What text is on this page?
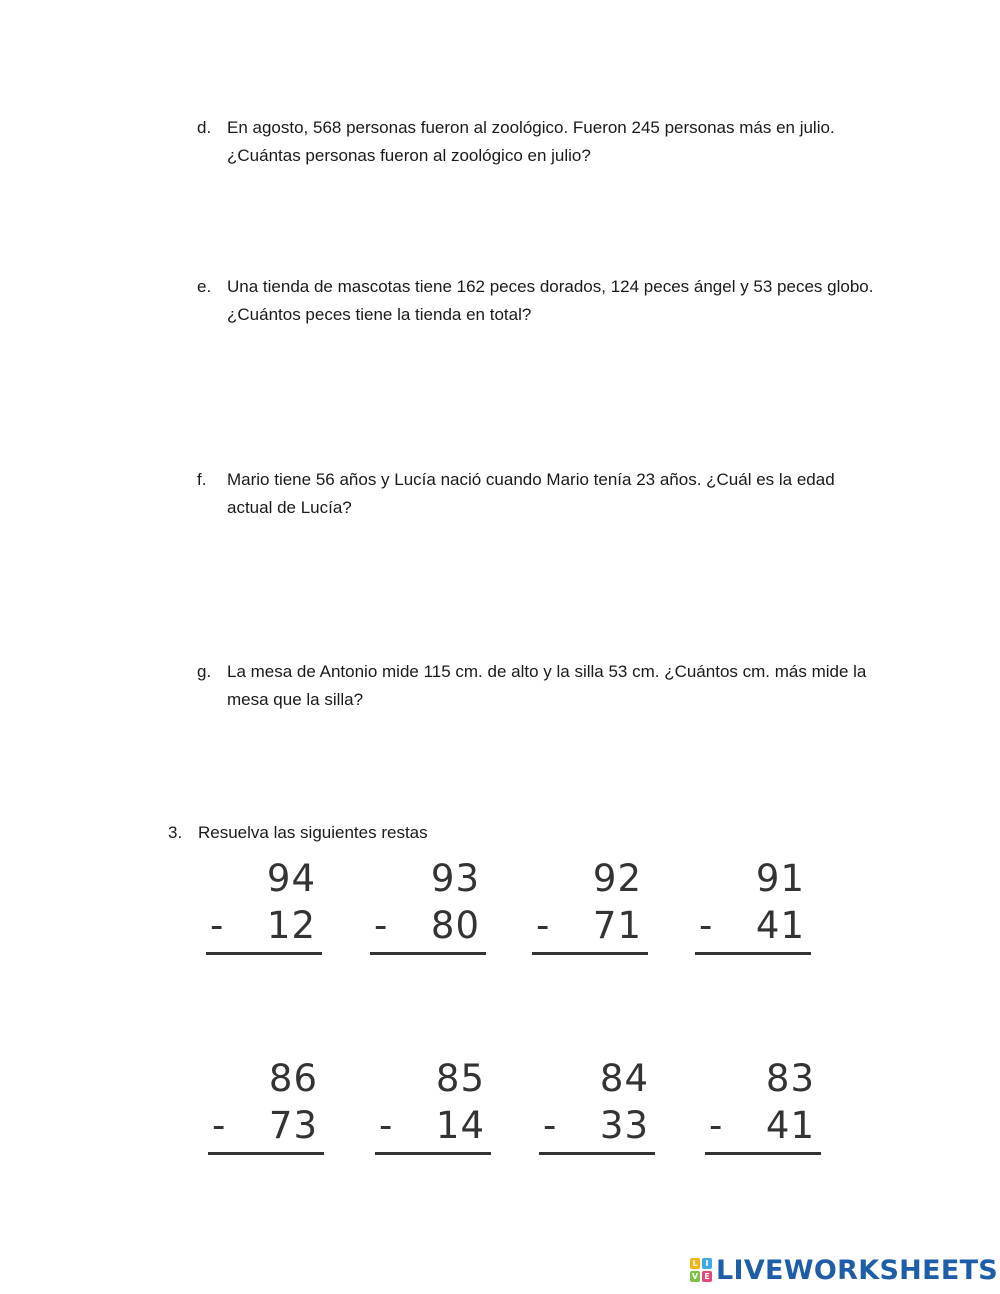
d. En agosto, 568 personas fueron al zoológico. Fueron 245 personas más en julio. ¿Cuántas personas fueron al zoológico en julio?
e. Una tienda de mascotas tiene 162 peces dorados, 124 peces ángel y 53 peces globo. ¿Cuántos peces tiene la tienda en total?
f. Mario tiene 56 años y Lucía nació cuando Mario tenía 23 años. ¿Cuál es la edad actual de Lucía?
g. La mesa de Antonio mide 115 cm. de alto y la silla 53 cm. ¿Cuántos cm. más mide la mesa que la silla?
3. Resuelva las siguientes restas
94
- 12
93
- 80
92
- 71
91
- 41
86
- 73
85
- 14
84
- 33
83
- 41
L I
V E LIVEWORKSHEETS
